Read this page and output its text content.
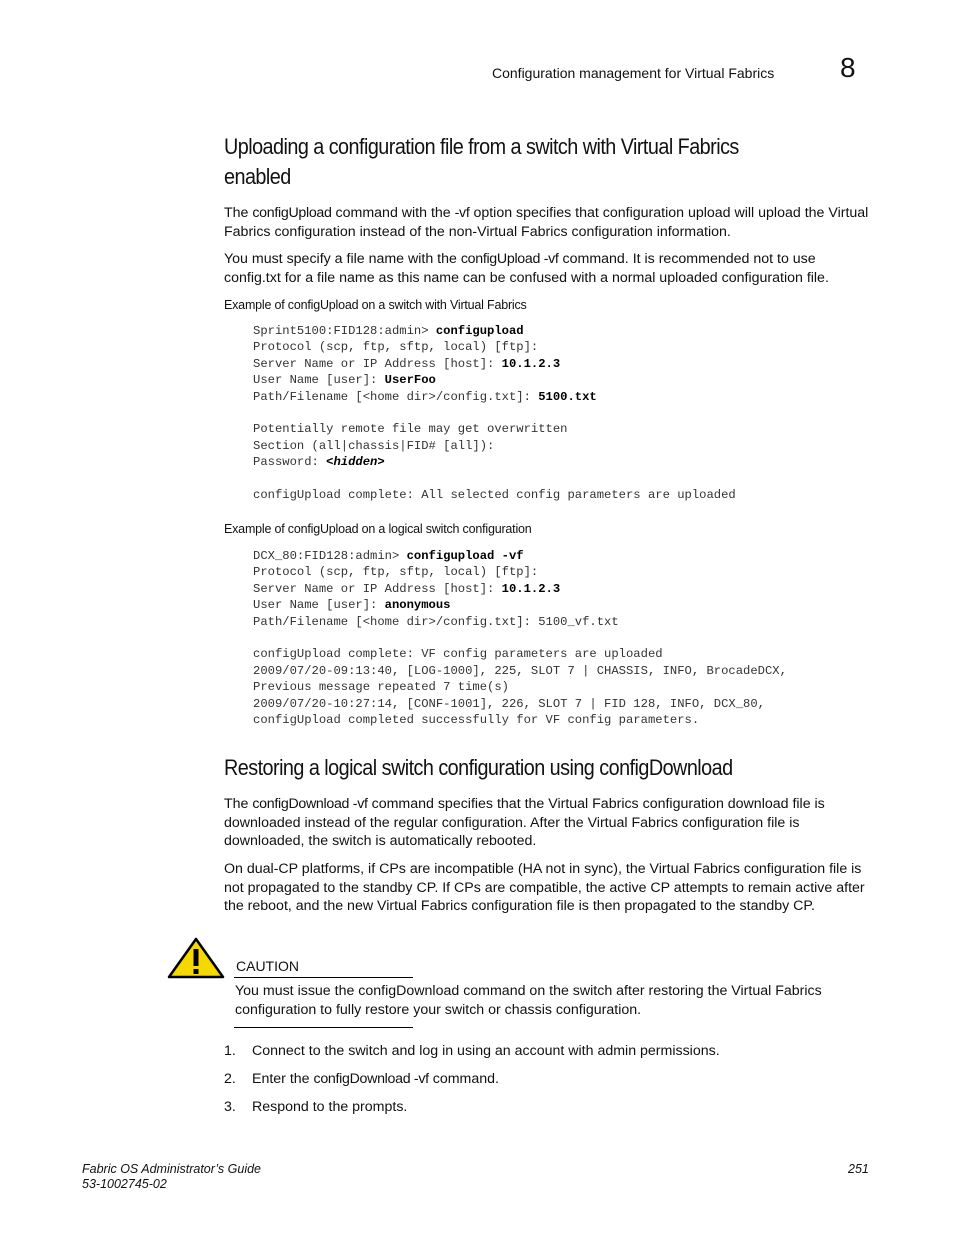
Configuration management for Virtual Fabrics 8
Uploading a configuration file from a switch with Virtual Fabrics enabled
The configUpload command with the -vf option specifies that configuration upload will upload the Virtual Fabrics configuration instead of the non-Virtual Fabrics configuration information.
You must specify a file name with the configUpload -vf command. It is recommended not to use config.txt for a file name as this name can be confused with a normal uploaded configuration file.
Example of configUpload on a switch with Virtual Fabrics
Sprint5100:FID128:admin> configupload
Protocol (scp, ftp, sftp, local) [ftp]:
Server Name or IP Address [host]: 10.1.2.3
User Name [user]: UserFoo
Path/Filename [<home dir>/config.txt]: 5100.txt

Potentially remote file may get overwritten
Section (all|chassis|FID# [all]):
Password: <hidden>

configUpload complete: All selected config parameters are uploaded
Example of configUpload on a logical switch configuration
DCX_80:FID128:admin> configupload -vf
Protocol (scp, ftp, sftp, local) [ftp]:
Server Name or IP Address [host]: 10.1.2.3
User Name [user]: anonymous
Path/Filename [<home dir>/config.txt]: 5100_vf.txt

configUpload complete: VF config parameters are uploaded
2009/07/20-09:13:40, [LOG-1000], 225, SLOT 7 | CHASSIS, INFO, BrocadeDCX,
Previous message repeated 7 time(s)
2009/07/20-10:27:14, [CONF-1001], 226, SLOT 7 | FID 128, INFO, DCX_80,
configUpload completed successfully for VF config parameters.
Restoring a logical switch configuration using configDownload
The configDownload -vf command specifies that the Virtual Fabrics configuration download file is downloaded instead of the regular configuration. After the Virtual Fabrics configuration file is downloaded, the switch is automatically rebooted.
On dual-CP platforms, if CPs are incompatible (HA not in sync), the Virtual Fabrics configuration file is not propagated to the standby CP. If CPs are compatible, the active CP attempts to remain active after the reboot, and the new Virtual Fabrics configuration file is then propagated to the standby CP.
CAUTION
You must issue the configDownload command on the switch after restoring the Virtual Fabrics configuration to fully restore your switch or chassis configuration.
1. Connect to the switch and log in using an account with admin permissions.
2. Enter the configDownload -vf command.
3. Respond to the prompts.
Fabric OS Administrator’s Guide
53-1002745-02
251
